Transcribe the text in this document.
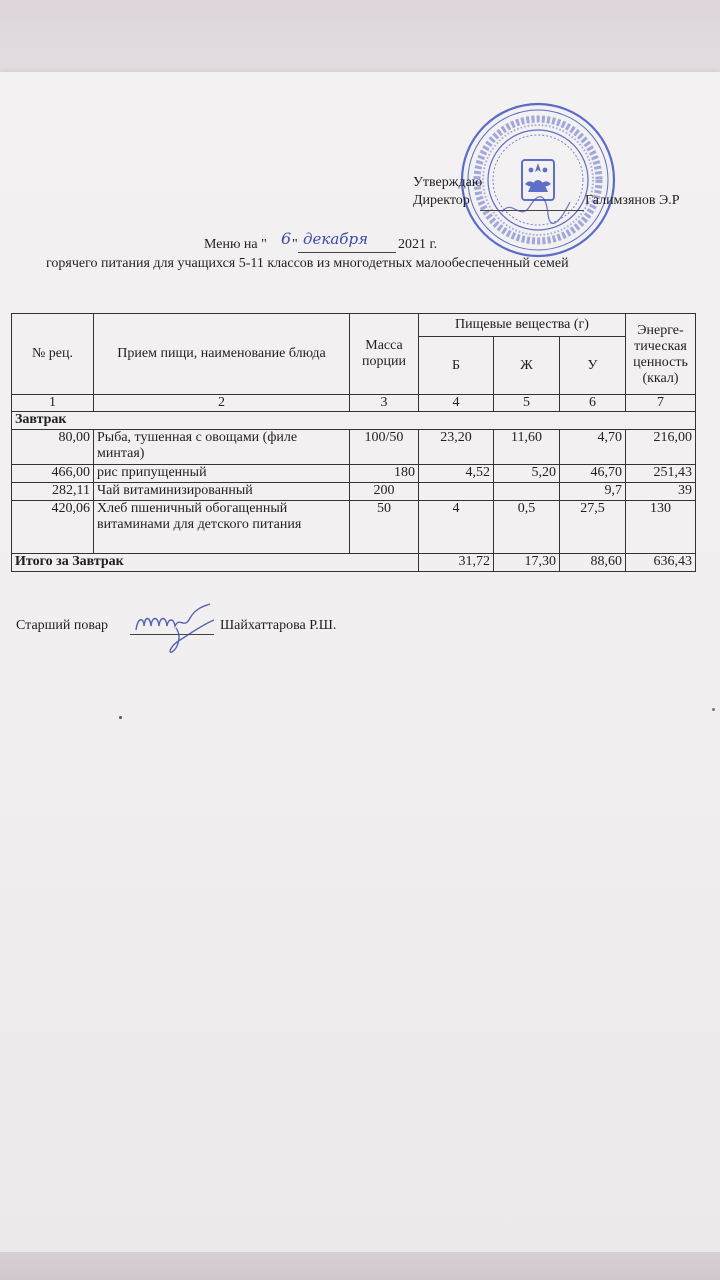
Утверждаю
Директор	Галимзянов Э.Р
Меню на " 6 " декабря 2021 г.
горячего питания для учащихся 5-11 классов из многодетных малообеспеченный семей
№ рец.	Прием пищи, наименование блюда	Масса порции	Пищевые вещества (г)			Энерге-тическая ценность (ккал)

			Б	Ж	У	
1	2	3	4	5	6	7
Завтрак						
80,00	Рыба, тушенная с овощами (филе минтая)	100/50	23,20	11,60	4,70	216,00
466,00	рис припущенный	180	4,52	5,20	46,70	251,43
282,11	Чай витаминизированный	200			9,7	39
420,06	Хлеб пшеничный обогащенный витаминами для детского питания	50	4	0,5	27,5	130
Итого за Завтрак			31,72	17,30	88,60	636,43
Старший повар	Шайхаттарова Р.Ш.
